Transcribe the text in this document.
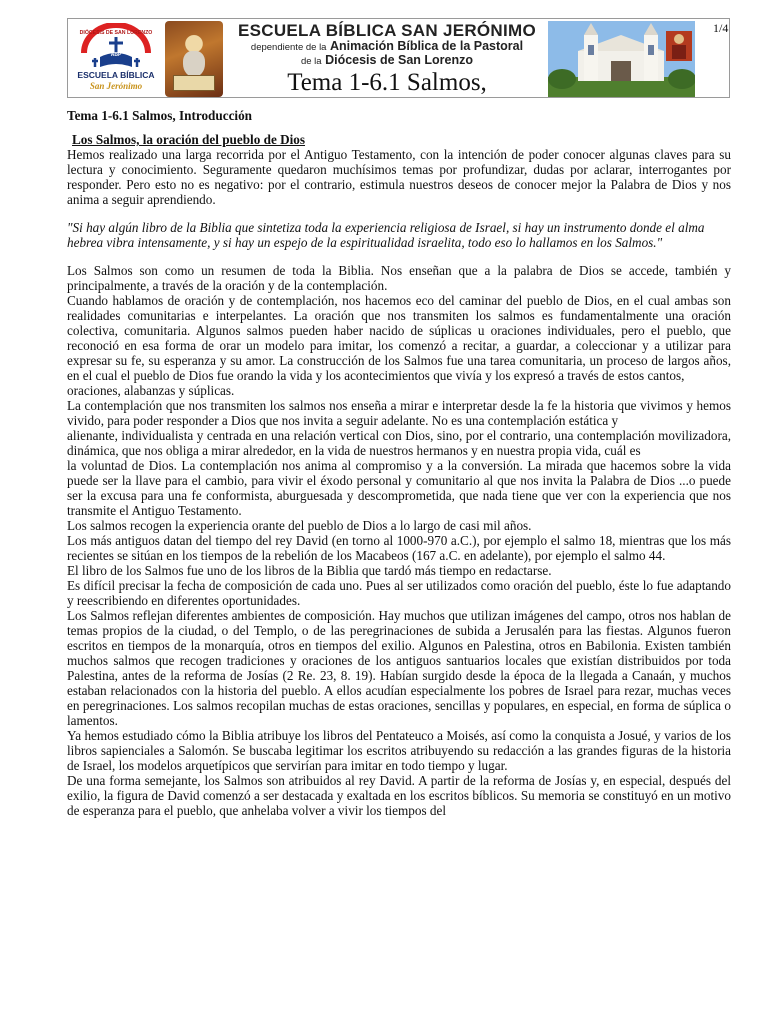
DIÓCESIS DE SAN LORENZO
ABP
ESCUELA BÍBLICA
San Jerónimo
ESCUELA BÍBLICA SAN JERÓNIMO
dependiente de la Animación Bíblica de la Pastoral
de la Diócesis de San Lorenzo
Tema 1-6.1 Salmos,
1/4

Tema 1-6.1 Salmos, Introducción

Los Salmos, la oración del pueblo de Dios

Hemos realizado una larga recorrida por el Antiguo Testamento, con la intención de poder conocer algunas claves para su lectura y conocimiento. Seguramente quedaron muchísimos temas por profundizar, dudas por aclarar, interrogantes por responder. Pero esto no es negativo: por el contrario, estimula nuestros deseos de conocer mejor la Palabra de Dios y nos anima a seguir aprendiendo.

"Si hay algún libro de la Biblia que sintetiza toda la experiencia religiosa de Israel, si hay un instrumento donde el alma hebrea vibra intensamente, y si hay un espejo de la espiritualidad israelita, todo eso lo hallamos en los Salmos."

Los Salmos son como un resumen de toda la Biblia. Nos enseñan que a la palabra de Dios se accede, también y principalmente, a través de la oración y de la contemplación.

Cuando hablamos de oración y de contemplación, nos hacemos eco del caminar del pueblo de Dios, en el cual ambas son realidades comunitarias e interpelantes. La oración que nos transmiten los salmos es fundamentalmente una oración colectiva, comunitaria. Algunos salmos pueden haber nacido de súplicas u oraciones individuales, pero el pueblo, que reconoció en esa forma de orar un modelo para imitar, los comenzó a recitar, a guardar, a coleccionar y a utilizar para expresar su fe, su esperanza y su amor. La construcción de los Salmos fue una tarea comunitaria, un proceso de largos años, en el cual el pueblo de Dios fue orando la vida y los acontecimientos que vivía y los expresó a través de estos cantos,

oraciones, alabanzas y súplicas.

La contemplación que nos transmiten los salmos nos enseña a mirar e interpretar desde la fe la historia que vivimos y hemos vivido, para poder responder a Dios que nos invita a seguir adelante. No es una contemplación estática y

alienante, individualista y centrada en una relación vertical con Dios, sino, por el contrario, una contemplación movilizadora, dinámica, que nos obliga a mirar alrededor, en la vida de nuestros hermanos y en nuestra propia vida, cuál es

la voluntad de Dios. La contemplación nos anima al compromiso y a la conversión. La mirada que hacemos sobre la vida puede ser la llave para el cambio, para vivir el éxodo personal y comunitario al que nos invita la Palabra de Dios ...o puede ser la excusa para una fe conformista, aburguesada y descomprometida, que nada tiene que ver con la experiencia que nos transmite el Antiguo Testamento.

Los salmos recogen la experiencia orante del pueblo de Dios a lo largo de casi mil años.

Los más antiguos datan del tiempo del rey David (en torno al 1000-970 a.C.), por ejemplo el salmo 18, mientras que los más recientes se sitúan en los tiempos de la rebelión de los Macabeos (167 a.C. en adelante), por ejemplo el salmo 44.

El libro de los Salmos fue uno de los libros de la Biblia que tardó más tiempo en redactarse.

Es difícil precisar la fecha de composición de cada uno. Pues al ser utilizados como oración del pueblo, éste lo fue adaptando y reescribiendo en diferentes oportunidades.

Los Salmos reflejan diferentes ambientes de composición. Hay muchos que utilizan imágenes del campo, otros nos hablan de temas propios de la ciudad, o del Templo, o de las peregrinaciones de subida a Jerusalén para las fiestas. Algunos fueron escritos en tiempos de la monarquía, otros en tiempos del exilio. Algunos en Palestina, otros en Babilonia. Existen también muchos salmos que recogen tradiciones y oraciones de los antiguos santuarios locales que existían distribuidos por toda Palestina, antes de la reforma de Josías (2 Re. 23, 8. 19). Habían surgido desde la época de la llegada a Canaán, y muchos estaban relacionados con la historia del pueblo. A ellos acudían especialmente los pobres de Israel para rezar, muchas veces en peregrinaciones. Los salmos recopilan muchas de estas oraciones, sencillas y populares, en especial, en forma de súplica o lamentos.

Ya hemos estudiado cómo la Biblia atribuye los libros del Pentateuco a Moisés, así como la conquista a Josué, y varios de los libros sapienciales a Salomón. Se buscaba legitimar los escritos atribuyendo su redacción a las grandes figuras de la historia de Israel, los modelos arquetípicos que servirían para imitar en todo tiempo y lugar.

De una forma semejante, los Salmos son atribuidos al rey David. A partir de la reforma de Josías y, en especial, después del exilio, la figura de David comenzó a ser destacada y exaltada en los escritos bíblicos. Su memoria se constituyó en un motivo de esperanza para el pueblo, que anhelaba volver a vivir los tiempos del
